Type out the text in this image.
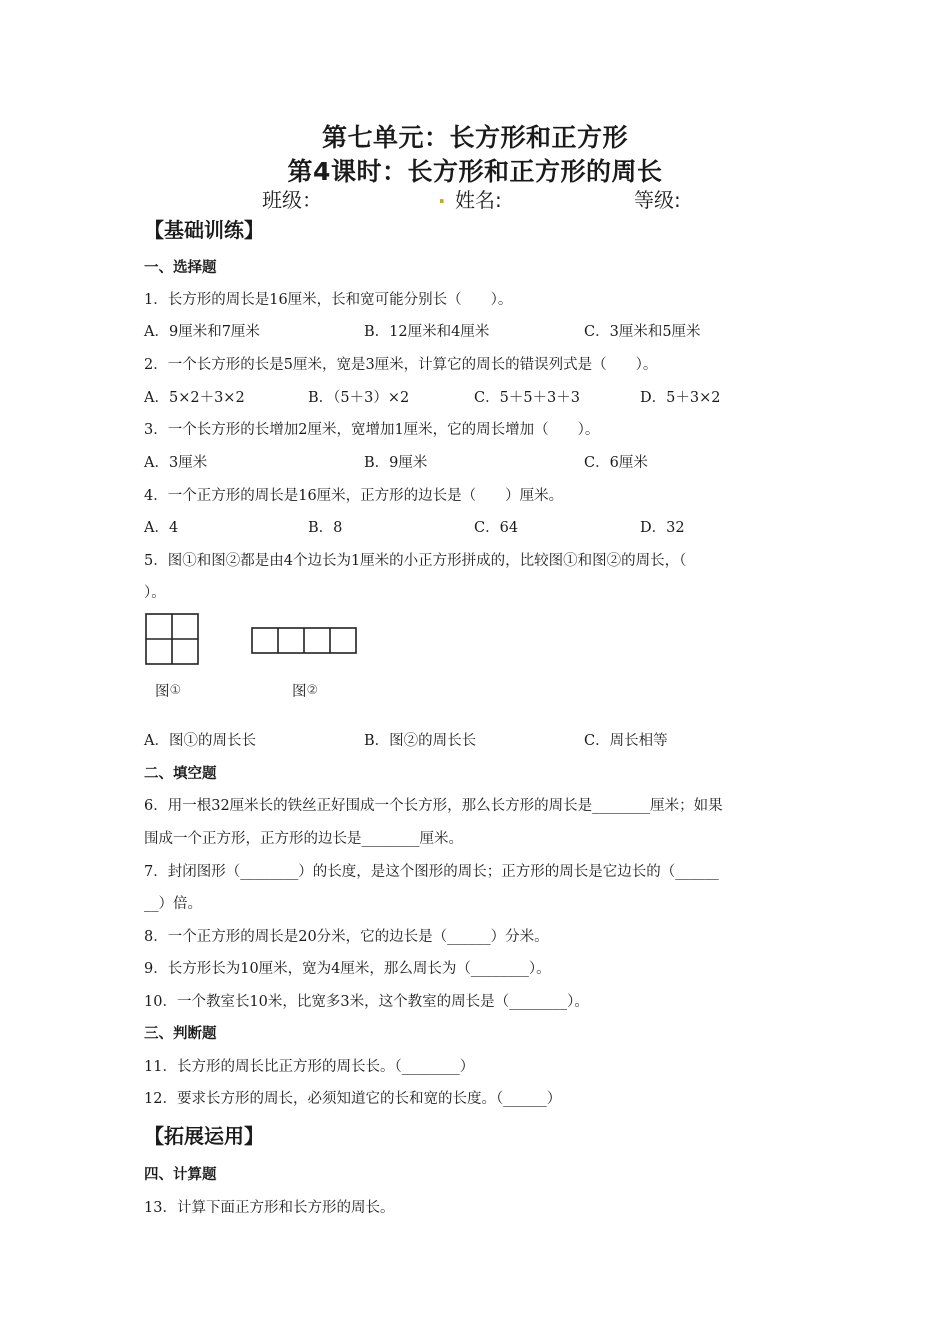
第七单元：长方形和正方形
第4课时：长方形和正方形的周长
班级：	. 姓名:	等级:
【基础训练】
一、选择题
1．长方形的周长是16厘米，长和宽可能分别长（　　）。
A．9厘米和7厘米	B．12厘米和4厘米	C．3厘米和5厘米
2．一个长方形的长是5厘米，宽是3厘米，计算它的周长的错误列式是（　　）。
A．5×2＋3×2	B．（5＋3）×2	C．5＋5＋3＋3	D．5＋3×2
3．一个长方形的长增加2厘米，宽增加1厘米，它的周长增加（　　）。
A．3厘米	B．9厘米	C．6厘米
4．一个正方形的周长是16厘米，正方形的边长是（　　）厘米。
A．4	B．8	C．64	D．32
5．图①和图②都是由4个边长为1厘米的小正方形拼成的，比较图①和图②的周长，（
）。
图①	图②
A．图①的周长长	B．图②的周长长	C．周长相等
二、填空题
6．用一根32厘米长的铁丝正好围成一个长方形，那么长方形的周长是________厘米；如果
围成一个正方形，正方形的边长是________厘米。
7．封闭图形（________）的长度，是这个图形的周长；正方形的周长是它边长的（______
__）倍。
8．一个正方形的周长是20分米，它的边长是（______）分米。
9．长方形长为10厘米，宽为4厘米，那么周长为（________）。
10．一个教室长10米，比宽多3米，这个教室的周长是（________）。
三、判断题
11．长方形的周长比正方形的周长长。（________）
12．要求长方形的周长，必须知道它的长和宽的长度。（______）
【拓展运用】
四、计算题
13．计算下面正方形和长方形的周长。
